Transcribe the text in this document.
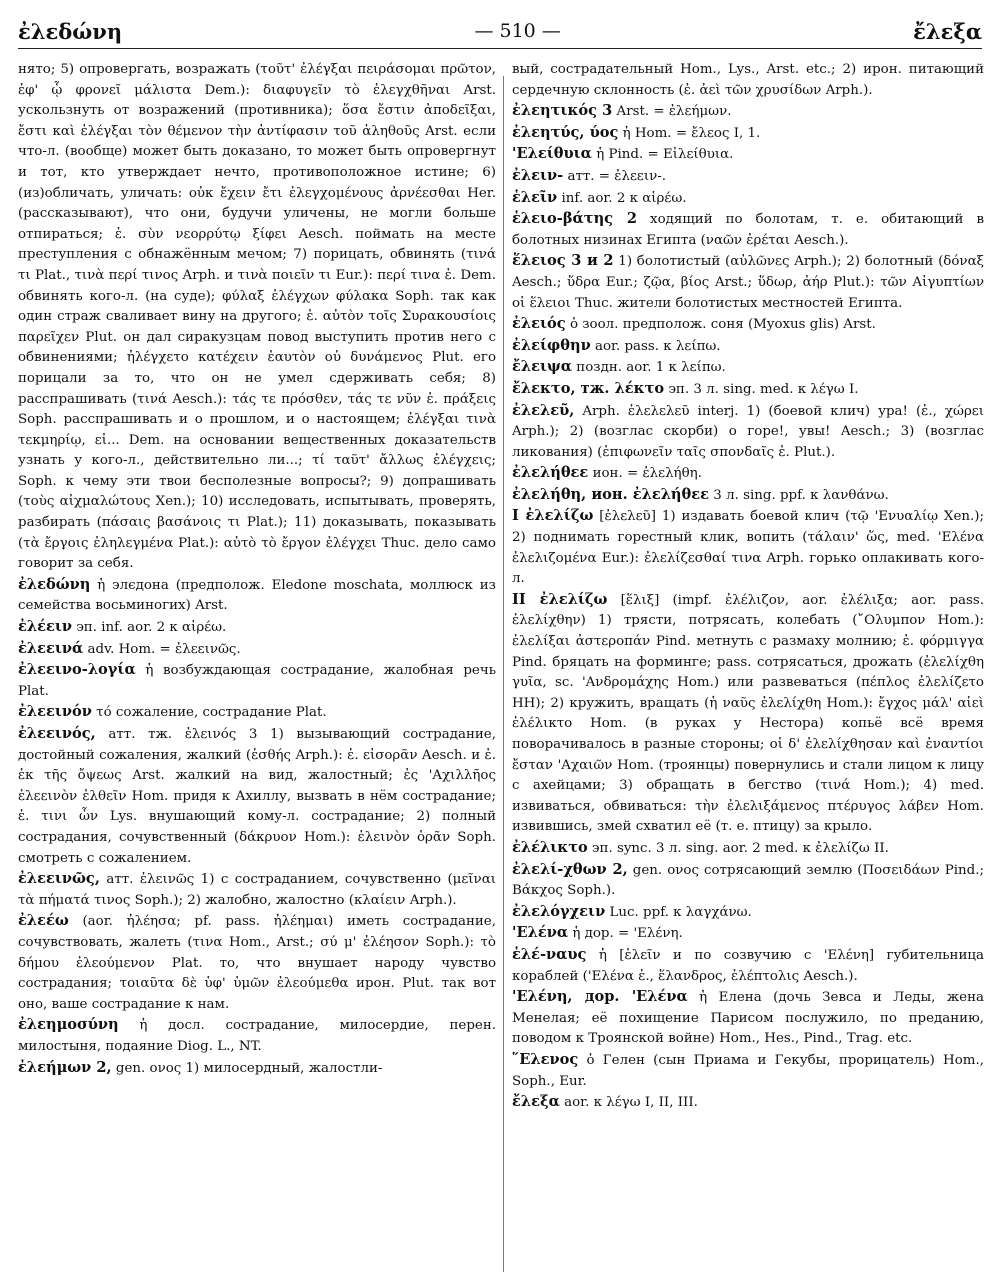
ἐλεδώνη	— 510 —	ἔλεξα
нято; 5) опровергать, возражать (τοῦτ' ἐλέγξαι πειράσομαι πρῶτον, ἐφ' ᾧ φρονεῖ μάλιστα Dem.): διαφυγεῖν τὸ ἐλεγχθῆναι Arst. ускользнуть от возражений (противника); ὅσα ἔστιν ἀποδεῖξαι, ἔστι καὶ ἐλέγξαι τὸν θέμενον τὴν ἀντίφασιν τοῦ ἀληθοῦς Arst. если что-л. (вообще) может быть доказано, то может быть опровергнут и тот, кто утверждает нечто, противоположное истине; 6) (из)обличать, уличать: οὐκ ἔχειν ἔτι ἐλεγχομένους ἀρνέεσθαι Her. (рассказывают), что они, будучи уличены, не могли больше отпираться; ἐ. σὺν νεορρύτῳ ξίφει Aesch. поймать на месте преступления с обнажённым мечом; 7) порицать, обвинять (τινά τι Plat., τινὰ περί τινος Arph. и τινὰ ποιεῖν τι Eur.): περί τινα ἐ. Dem. обвинять кого-л. (на суде); φύλαξ ἐλέγχων φύλακα Soph. так как один страж сваливает вину на другого; ἐ. αὐτὸν τοῖς Συρακουσίοις παρεῖχεν Plut. он дал сиракузцам повод выступить против него с обвинениями; ἠλέγχετο κατέχειν ἑαυτὸν οὐ δυνάμενος Plut. его порицали за то, что он не умел сдерживать себя; 8) расспрашивать (τινά Aesch.): τάς τε πρόσθεν, τάς τε νῦν ἐ. πράξεις Soph. расспрашивать и о прошлом, и о настоящем; ἐλέγξαι τινὰ τεκμηρίῳ, εἰ... Dem. на основании вещественных доказательств узнать у кого-л., действительно ли...; τί ταῦτ' ἄλλως ἐλέγχεις; Soph. к чему эти твои бесполезные вопросы?; 9) допрашивать (τοὺς αἰχμαλώτους Xen.); 10) исследовать, испытывать, проверять, разбирать (πάσαις βασάνοις τι Plat.); 11) доказывать, показывать (τὰ ἔργοις ἐληλεγμένα Plat.): αὐτὸ τὸ ἔργον ἐλέγχει Thuc. дело само говорит за себя.
ἐλεδώνη ἡ элєдона (предполож. Eledone moschata, моллюск из семейства восьминогих) Arst.
ἐλέειν эп. inf. aor. 2 к αἱρέω.
ἐλεεινά adv. Hom. = ἐλεεινῶς.
ἐλεεινο-λογία ἡ возбуждающая сострадание, жалобная речь Plat.
ἐλεεινόν τό сожаление, сострадание Plat.
ἐλεεινός, атт. тж. ἐλεινός 3 1) вызывающий сострадание, достойный сожаления, жалкий (ἐσθής Arph.): ἐ. εἰσορᾶν Aesch. и ἐ. ἐκ τῆς ὄψεως Arst. жалкий на вид, жалостный; ἐς 'Αχιλλῆος ἐλεεινὸν ἐλθεῖν Hom. придя к Ахиллу, вызвать в нём сострадание; ἐ. τινι ὧν Lys. внушающий кому-л. сострадание; 2) полный сострадания, сочувственный (δάκρυον Hom.): ἐλεινὸν ὁρᾶν Soph. смотреть с сожалением.
ἐλεεινῶς, атт. ἐλεινῶς 1) с состраданием, сочувственно (μεῖναι τὰ πήματά τινος Soph.); 2) жалобно, жалостно (κλαίειν Arph.).
ἐλεέω (aor. ἠλέησα; pf. pass. ἠλέημαι) иметь сострадание, сочувствовать, жалеть (τινα Hom., Arst.; σύ μ' ἐλέησον Soph.): τὸ δήμου ἐλεούμενον Plat. то, что внушает народу чувство сострадания; τοιαῦτα δὲ ὑφ' ὑμῶν ἐλεούμεθα ирон. Plut. так вот оно, ваше сострадание к нам.
ἐλεημοσύνη ἡ досл. сострадание, милосердие, перен. милостыня, подаяние Diog. L., NT.
ἐλεήμων 2, gen. ονος 1) милосердный, жалостли-
вый, сострадательный Hom., Lys., Arst. etc.; 2) ирон. питающий сердечную склонность (ἐ. ἀεὶ τῶν χρυσίδων Arph.).
ἐλεητικός 3 Arst. = ἐλεήμων.
ἐλεητύς, ύος ἡ Hom. = ἔλεος I, 1.
'Ελείθυια ἡ Pind. = Εἰλείθυια.
ἐλειν- атт. = ἐλεειν-.
ἑλεῖν inf. aor. 2 к αἱρέω.
ἑλειο-βάτης 2 ходящий по болотам, т. е. обитающий в болотных низинах Египта (ναῶν ἐρέται Aesch.).
ἕλειος 3 и 2 1) болотистый (αὐλῶνες Arph.); 2) болотный (δόναξ Aesch.; ὕδρα Eur.; ζῷα, βίος Arst.; ὕδωρ, ἀήρ Plut.): τῶν Αἰγυπτίων οἱ ἕλειοι Thuc. жители болотистых местностей Египта.
ἐλειός ὁ зоол. предполож. соня (Myoxus glis) Arst.
ἐλείφθην aor. pass. к λείπω.
ἔλειψα поздн. aor. 1 к λείπω.
ἔλεκτο, тж. λέκτο эп. 3 л. sing. med. к λέγω I.
ἐλελεῦ, Arph. ἐλελελεῦ interj. 1) (боевой клич) ура! (ἐ., χώρει Arph.); 2) (возглас скорби) о горе!, увы! Aesch.; 3) (возглас ликования) (ἐπιφωνεῖν ταῖς σπονδαῖς ἐ. Plut.).
ἐλελήθεε ион. = ἐλελήθη.
ἐλελήθη, ион. ἐλελήθεε 3 л. sing. ppf. к λανθάνω.
I ἐλελίζω [ἐλελεῦ] 1) издавать боевой клич (τῷ 'Ενυαλίῳ Xen.); 2) поднимать горестный клик, вопить (τάλαιν' ὥς, med. 'Ελένα ἐλελιζομένα Eur.): ἐλελίζεσθαί τινα Arph. горько оплакивать кого-л.
II ἐλελίζω [ἕλιξ] (impf. ἐλέλιζον, aor. ἐλέλιξα; aor. pass. ἐλελίχθην) 1) трясти, потрясать, колебать (῎Ολυμπον Hom.): ἐλελίξαι ἀστεροπάν Pind. метнуть с размаху молнию; ἐ. φόρμιγγα Pind. бряцать на форминге; pass. сотрясаться, дрожать (ἐλελίχθη γυῖα, sc. 'Ανδρομάχης Hom.) или развеваться (πέπλος ἐλελίζετο НН); 2) кружить, вращать (ἡ ναῦς ἐλελίχθη Hom.): ἔγχος μάλ' αἰεὶ ἐλέλικτο Hom. (в руках у Нестора) копьё всё время поворачивалось в разные стороны; οἱ δ' ἐλελίχθησαν καὶ ἐναντίοι ἔσταν 'Αχαιῶν Hom. (троянцы) повернулись и стали лицом к лицу с ахейцами; 3) обращать в бегство (τινά Hom.); 4) med. извиваться, обвиваться: τὴν ἐλελιξάμενος πτέρυγος λάβεν Hom. извившись, змей схватил её (т. е. птицу) за крыло.
ἐλέλικτο эп. sync. 3 л. sing. aor. 2 med. к ἐλελίζω II.
ἐλελί-χθων 2, gen. ονος сотрясающий землю (Ποσειδάων Pind.; Βάκχος Soph.).
ἐλελόγχειν Luc. ppf. к λαγχάνω.
'Ελένα ἡ дор. = 'Ελένη.
ἑλέ-ναυς ἡ [ἑλεῖν и по созвучию с 'Ελένη] губительница кораблей ('Ελένα ἑ., ἕλανδρος, ἑλέπτολις Aesch.).
'Ελένη, дор. 'Ελένα ἡ Елена (дочь Зевса и Леды, жена Менелая; её похищение Парисом послужило, по преданию, поводом к Троянской войне) Hom., Hes., Pind., Trag. etc.
῞Ελενος ὁ Гелен (сын Приама и Гекубы, прорицатель) Hom., Soph., Eur.
ἔλεξα aor. к λέγω I, II, III.
